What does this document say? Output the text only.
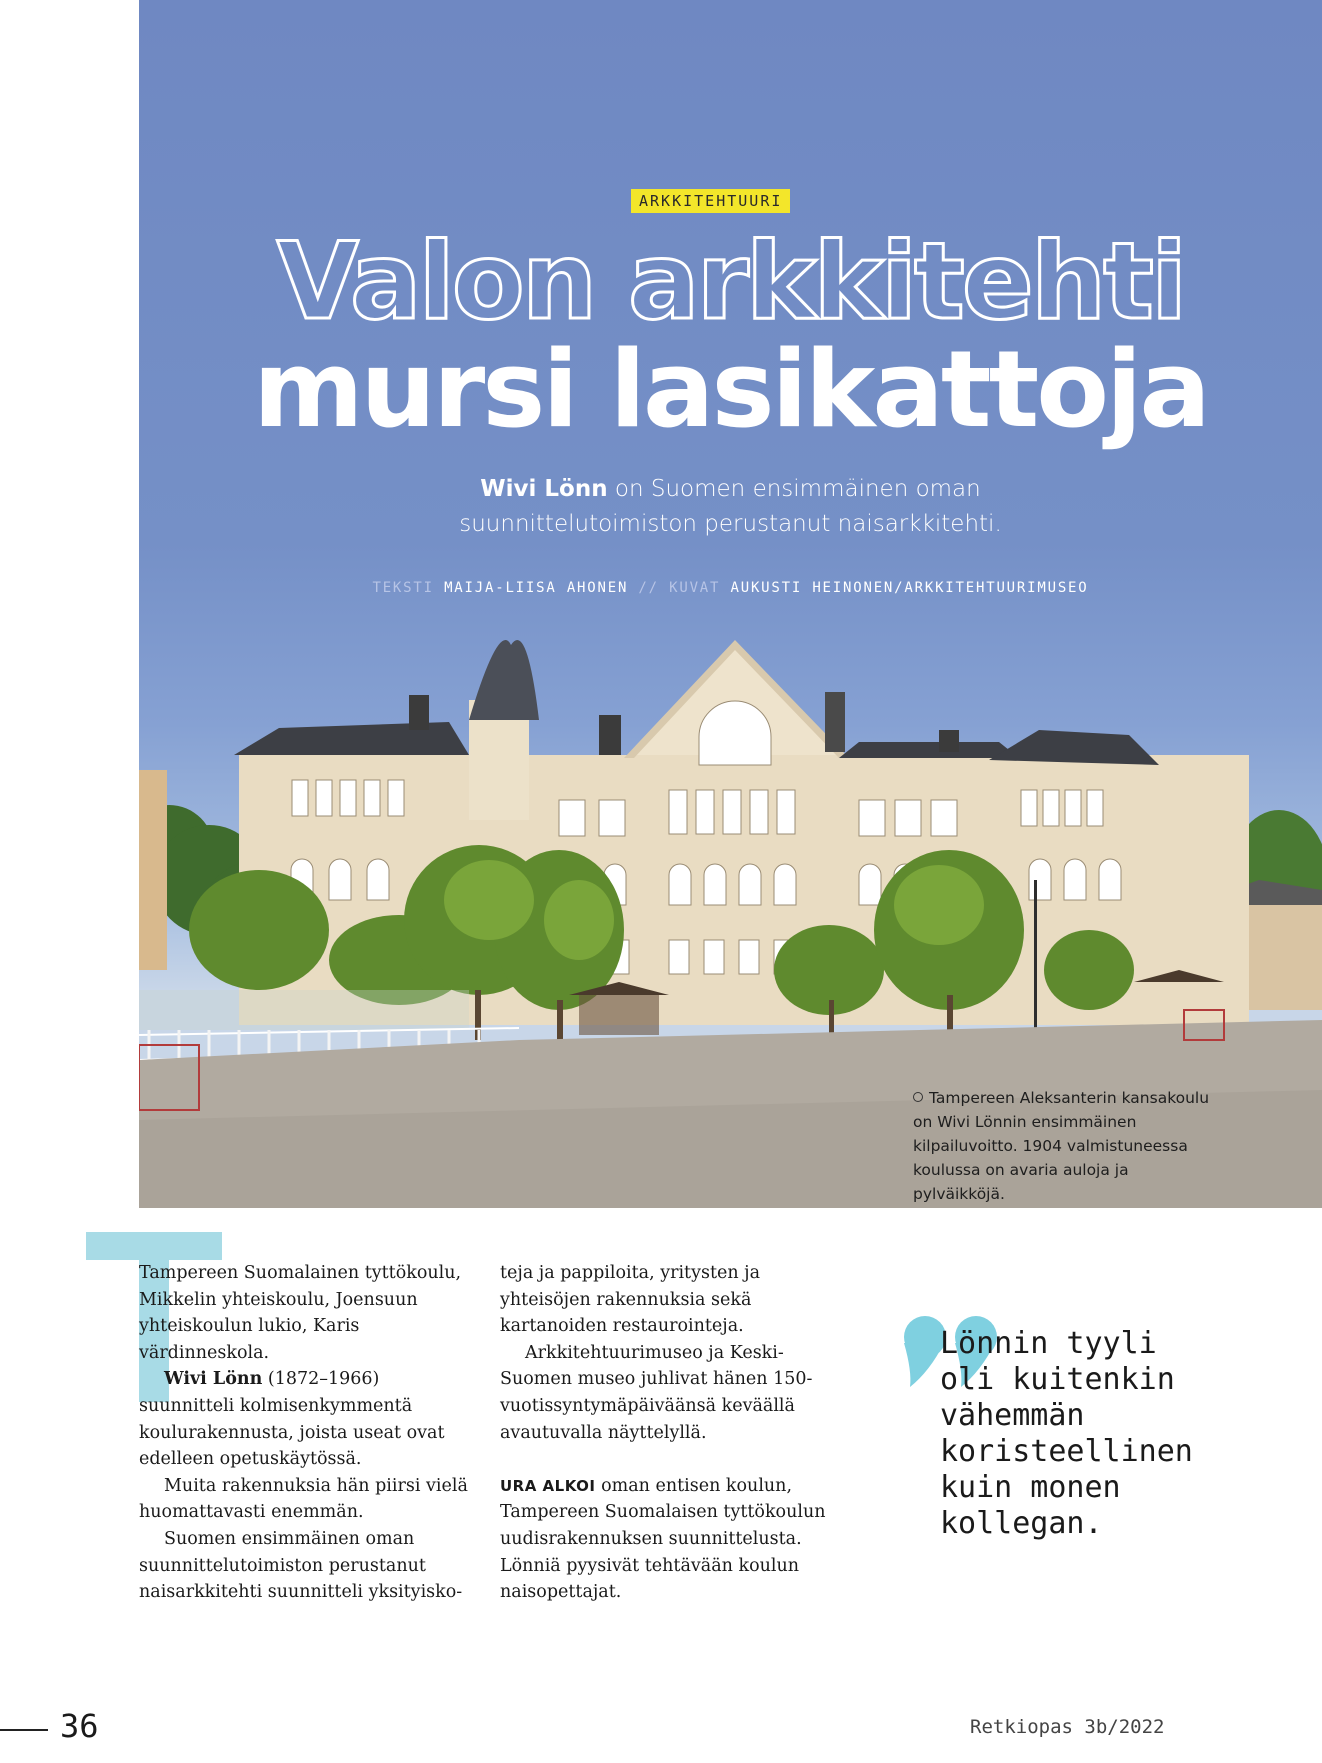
ARKKITEHTUURI
Valon arkkitehti
mursi lasikattoja
Wivi Lönn on Suomen ensimmäinen oman
suunnittelutoimiston perustanut naisarkkitehti.
TEKSTI MAIJA-LIISA AHONEN // KUVAT AUKUSTI HEINONEN/ARKKITEHTUURIMUSEO
Tampereen Aleksanterin kansakoulu on Wivi Lönnin ensimmäinen kilpailuvoitto. 1904 valmistuneessa koulussa on avaria auloja ja pylväikköjä.

Tampereen Suomalainen tyttökoulu, Mikkelin yhteiskoulu, Joensuun yhteiskoulun lukio, Karis värdinneskola.

Wivi Lönn (1872–1966) suunnitteli kolmisenkymmentä koulurakennusta, joista useat ovat edelleen opetuskäytössä.

Muita rakennuksia hän piirsi vielä huomattavasti enemmän.

Suomen ensimmäinen oman suunnittelutoimiston perustanut naisarkkitehti suunnitteli yksityisko-

teja ja pappiloita, yritysten ja yhteisöjen rakennuksia sekä kartanoiden restaurointeja.

Arkkitehtuurimuseo ja Keski-Suomen museo juhlivat hänen 150-vuotissyntymäpäiväänsä keväällä avautuvalla näyttelyllä.

URA ALKOI oman entisen koulun, Tampereen Suomalaisen tyttökoulun uudisrakennuksen suunnittelusta. Lönniä pyysivät tehtävään koulun naisopettajat.

Lönnin tyyli
oli kuitenkin
vähemmän
koristeellinen
kuin monen
kollegan.
36	Retkiopas 3b/2022
